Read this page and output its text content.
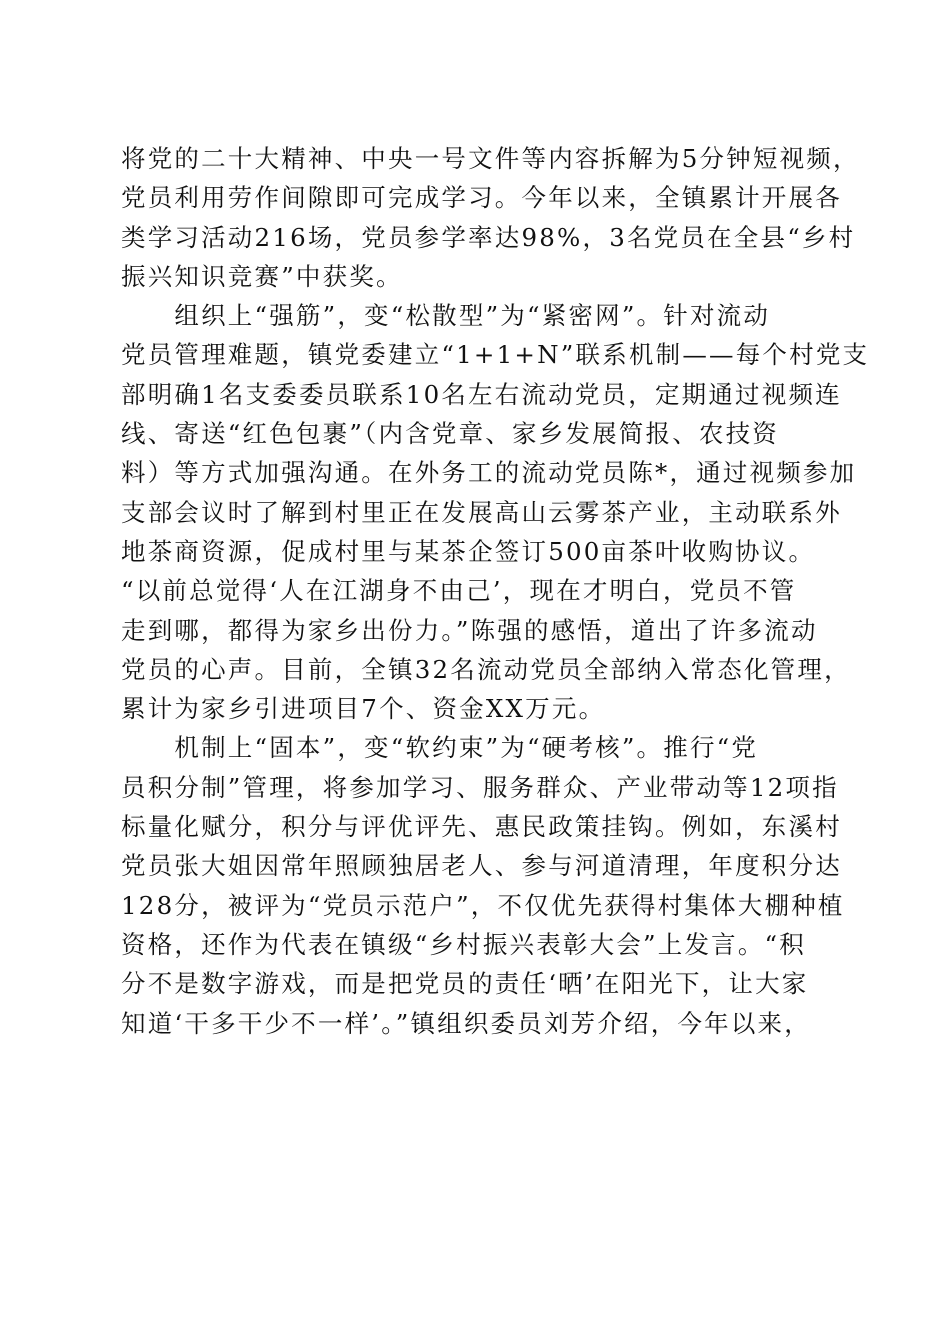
将党的二十大精神、中央一号文件等内容拆解为5分钟短视频，
党员利用劳作间隙即可完成学习。今年以来，全镇累计开展各
类学习活动216场，党员参学率达98%，3名党员在全县“乡村
振兴知识竞赛”中获奖。
　　组织上“强筋”，变“松散型”为“紧密网”。针对流动
党员管理难题，镇党委建立“1+1+N”联系机制——每个村党支
部明确1名支委委员联系10名左右流动党员，定期通过视频连
线、寄送“红色包裹”（内含党章、家乡发展简报、农技资
料）等方式加强沟通。在外务工的流动党员陈*，通过视频参加
支部会议时了解到村里正在发展高山云雾茶产业，主动联系外
地茶商资源，促成村里与某茶企签订500亩茶叶收购协议。
“以前总觉得‘人在江湖身不由己’，现在才明白，党员不管
走到哪，都得为家乡出份力。”陈强的感悟，道出了许多流动
党员的心声。目前，全镇32名流动党员全部纳入常态化管理，
累计为家乡引进项目7个、资金XX万元。
　　机制上“固本”，变“软约束”为“硬考核”。推行“党
员积分制”管理，将参加学习、服务群众、产业带动等12项指
标量化赋分，积分与评优评先、惠民政策挂钩。例如，东溪村
党员张大姐因常年照顾独居老人、参与河道清理，年度积分达
128分，被评为“党员示范户”，不仅优先获得村集体大棚种植
资格，还作为代表在镇级“乡村振兴表彰大会”上发言。“积
分不是数字游戏，而是把党员的责任‘晒’在阳光下，让大家
知道‘干多干少不一样’。”镇组织委员刘芳介绍，今年以来，
